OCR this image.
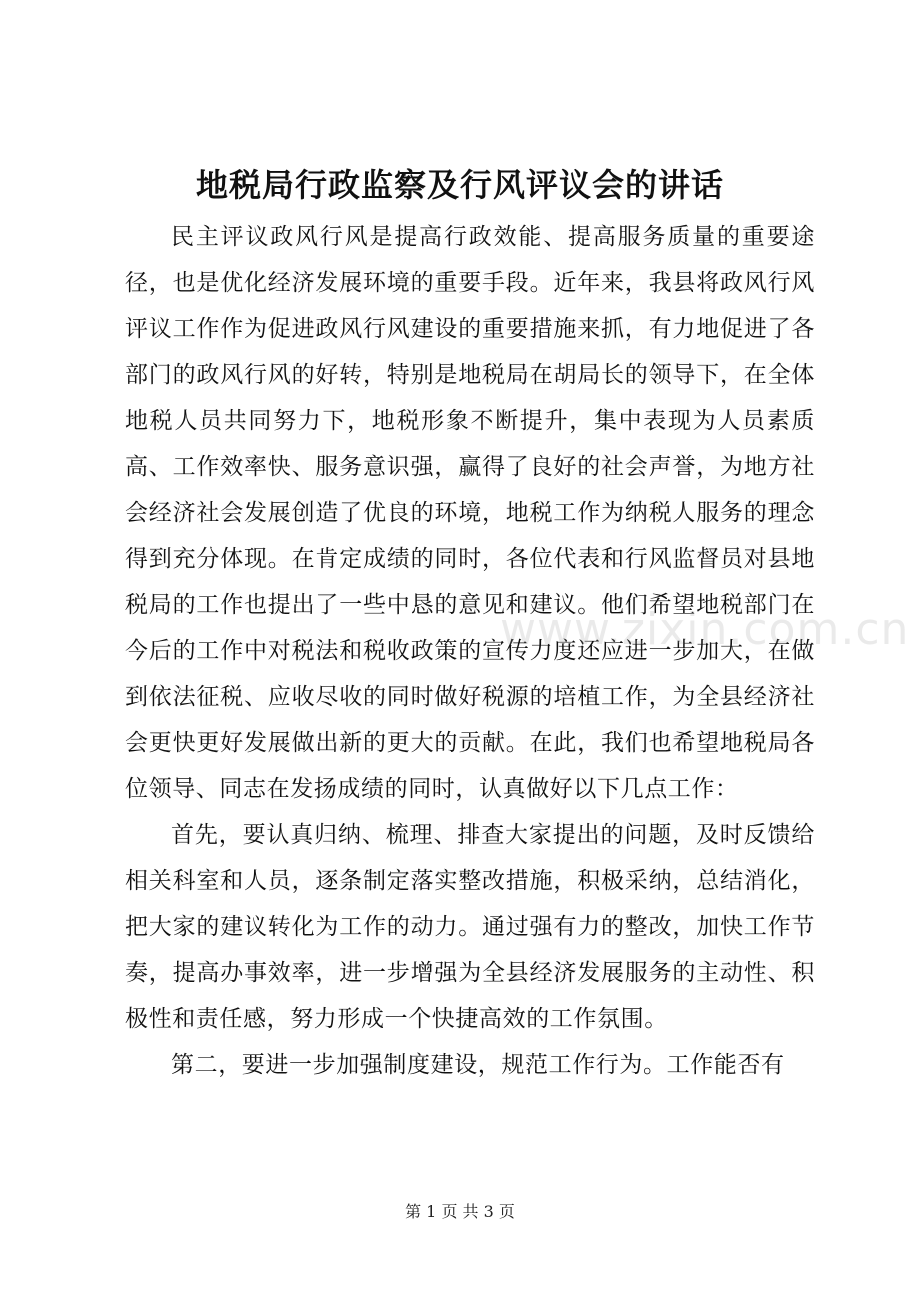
地税局行政监察及行风评议会的讲话

民主评议政风行风是提高行政效能、提高服务质量的重要途径，也是优化经济发展环境的重要手段。近年来，我县将政风行风评议工作作为促进政风行风建设的重要措施来抓，有力地促进了各部门的政风行风的好转，特别是地税局在胡局长的领导下，在全体地税人员共同努力下，地税形象不断提升，集中表现为人员素质高、工作效率快、服务意识强，赢得了良好的社会声誉，为地方社会经济社会发展创造了优良的环境，地税工作为纳税人服务的理念得到充分体现。在肯定成绩的同时，各位代表和行风监督员对县地税局的工作也提出了一些中恳的意见和建议。他们希望地税部门在今后的工作中对税法和税收政策的宣传力度还应进一步加大，在做到依法征税、应收尽收的同时做好税源的培植工作，为全县经济社会更快更好发展做出新的更大的贡献。在此，我们也希望地税局各位领导、同志在发扬成绩的同时，认真做好以下几点工作：

首先，要认真归纳、梳理、排查大家提出的问题，及时反馈给相关科室和人员，逐条制定落实整改措施，积极采纳，总结消化，把大家的建议转化为工作的动力。通过强有力的整改，加快工作节奏，提高办事效率，进一步增强为全县经济发展服务的主动性、积极性和责任感，努力形成一个快捷高效的工作氛围。

第二，要进一步加强制度建设，规范工作行为。工作能否有

www.zixin.com.cn
第 1 页 共 3 页
